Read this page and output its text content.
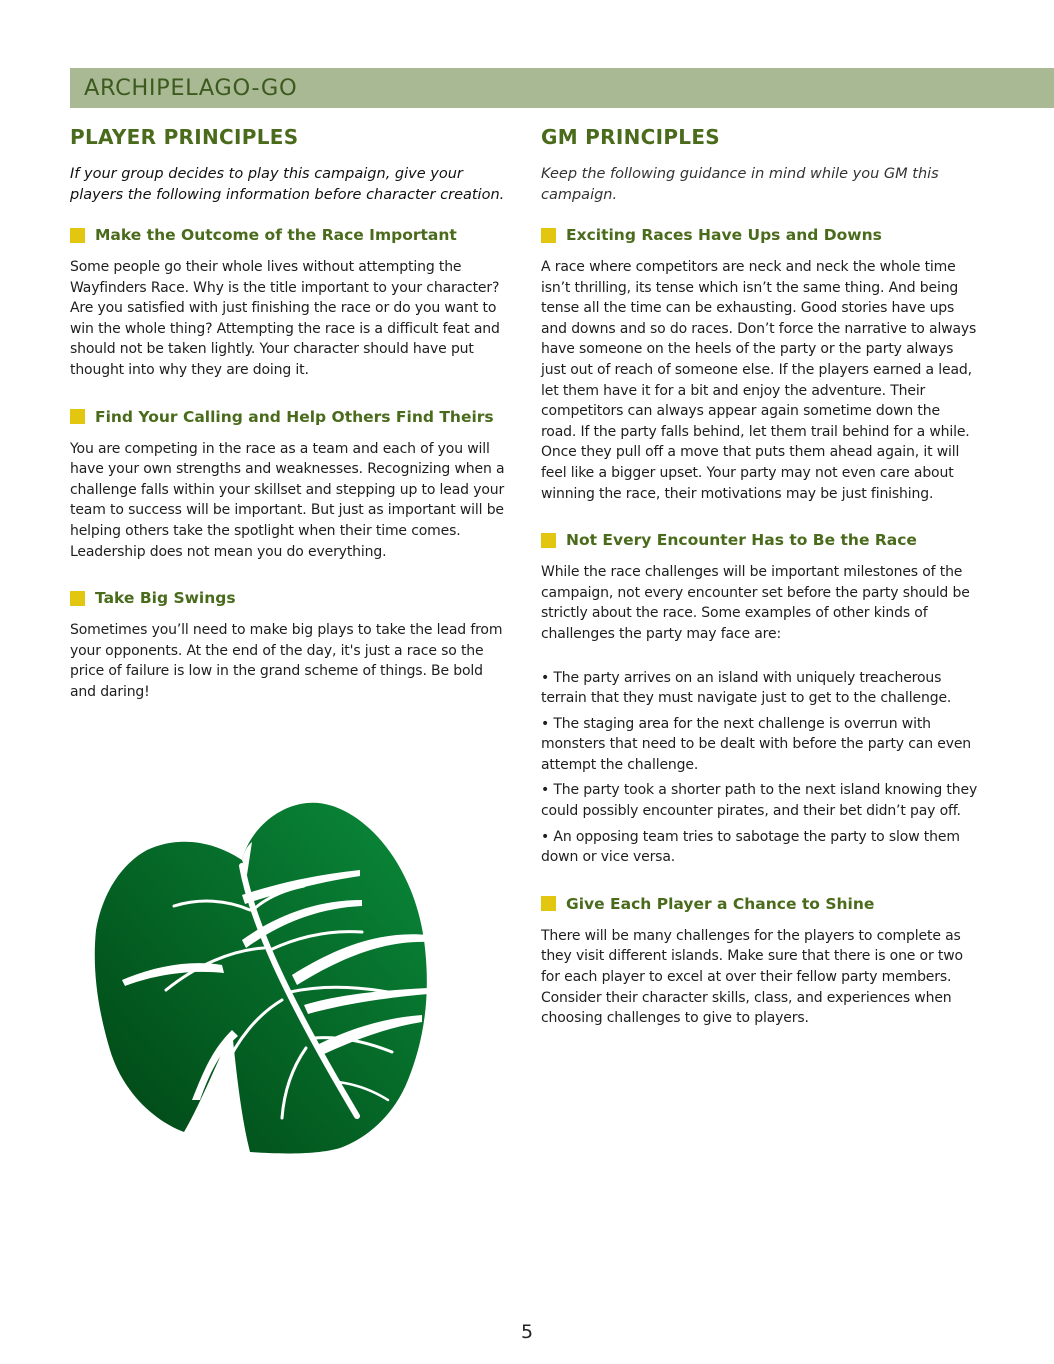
ARCHIPELAGO-GO
PLAYER PRINCIPLES

If your group decides to play this campaign, give your players the following information before character creation.

Make the Outcome of the Race Important

Some people go their whole lives without attempting the Wayfinders Race. Why is the title important to your character? Are you satisfied with just finishing the race or do you want to win the whole thing? Attempting the race is a difficult feat and should not be taken lightly. Your character should have put thought into why they are doing it.

Find Your Calling and Help Others Find Theirs

You are competing in the race as a team and each of you will have your own strengths and weaknesses. Recognizing when a challenge falls within your skillset and stepping up to lead your team to success will be important. But just as important will be helping others take the spotlight when their time comes. Leadership does not mean you do everything.

Take Big Swings

Sometimes you’ll need to make big plays to take the lead from your opponents. At the end of the day, it's just a race so the price of failure is low in the grand scheme of things. Be bold and daring!

GM PRINCIPLES

Keep the following guidance in mind while you GM this campaign.

Exciting Races Have Ups and Downs

A race where competitors are neck and neck the whole time isn’t thrilling, its tense which isn’t the same thing. And being tense all the time can be exhausting. Good stories have ups and downs and so do races. Don’t force the narrative to always have someone on the heels of the party or the party always just out of reach of someone else. If the players earned a lead, let them have it for a bit and enjoy the adventure. Their competitors can always appear again sometime down the road. If the party falls behind, let them trail behind for a while. Once they pull off a move that puts them ahead again, it will feel like a bigger upset. Your party may not even care about winning the race, their motivations may be just finishing.

Not Every Encounter Has to Be the Race

While the race challenges will be important milestones of the campaign, not every encounter set before the party should be strictly about the race. Some examples of other kinds of challenges the party may face are:

• The party arrives on an island with uniquely treacherous terrain that they must navigate just to get to the challenge.
• The staging area for the next challenge is overrun with monsters that need to be dealt with before the party can even attempt the challenge.
• The party took a shorter path to the next island knowing they could possibly encounter pirates, and their bet didn’t pay off.
• An opposing team tries to sabotage the party to slow them down or vice versa.
Give Each Player a Chance to Shine

There will be many challenges for the players to complete as they visit different islands. Make sure that there is one or two for each player to excel at over their fellow party members. Consider their character skills, class, and experiences when choosing challenges to give to players.

5
